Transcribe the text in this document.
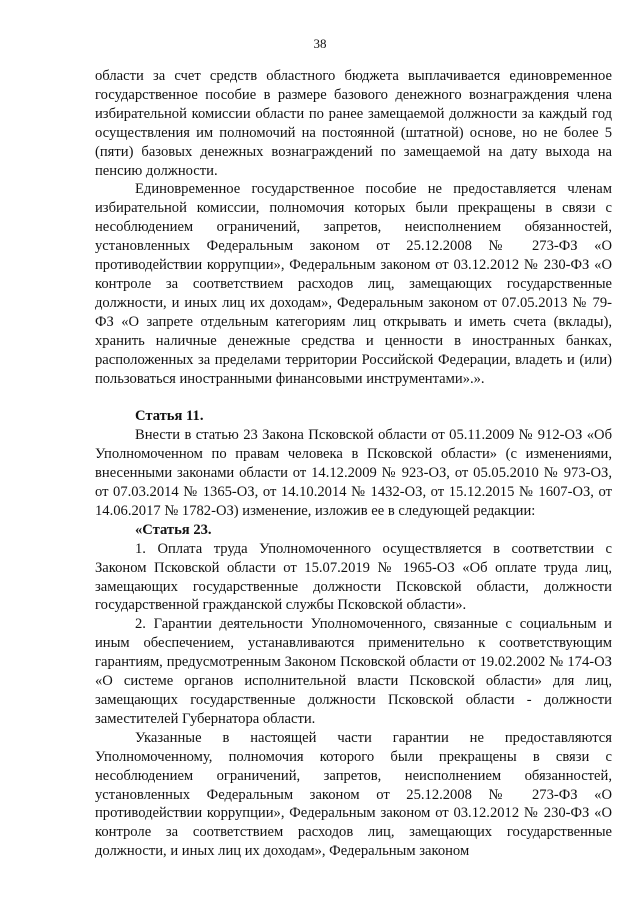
38

области за счет средств областного бюджета выплачивается единовременное государственное пособие в размере базового денежного вознаграждения члена избирательной комиссии области по ранее замещаемой должности за каждый год осуществления им полномочий на постоянной (штатной) основе, но не более 5 (пяти) базовых денежных вознаграждений по замещаемой на дату выхода на пенсию должности.

Единовременное государственное пособие не предоставляется членам избирательной комиссии, полномочия которых были прекращены в связи с несоблюдением ограничений, запретов, неисполнением обязанностей, установленных Федеральным законом от 25.12.2008 № 273-ФЗ «О противодействии коррупции», Федеральным законом от 03.12.2012 № 230-ФЗ «О контроле за соответствием расходов лиц, замещающих государственные должности, и иных лиц их доходам», Федеральным законом от 07.05.2013 № 79-ФЗ «О запрете отдельным категориям лиц открывать и иметь счета (вклады), хранить наличные денежные средства и ценности в иностранных банках, расположенных за пределами территории Российской Федерации, владеть и (или) пользоваться иностранными финансовыми инструментами».».

Статья 11.

Внести в статью 23 Закона Псковской области от 05.11.2009 № 912-ОЗ «Об Уполномоченном по правам человека в Псковской области» (с изменениями, внесенными законами области от 14.12.2009 № 923-ОЗ, от 05.05.2010 № 973-ОЗ, от 07.03.2014 № 1365-ОЗ, от 14.10.2014 № 1432-ОЗ, от 15.12.2015 № 1607-ОЗ, от 14.06.2017 № 1782-ОЗ) изменение, изложив ее в следующей редакции:

«Статья 23.

1. Оплата труда Уполномоченного осуществляется в соответствии с Законом Псковской области от 15.07.2019 № 1965-ОЗ «Об оплате труда лиц, замещающих государственные должности Псковской области, должности государственной гражданской службы Псковской области».

2. Гарантии деятельности Уполномоченного, связанные с социальным и иным обеспечением, устанавливаются применительно к соответствующим гарантиям, предусмотренным Законом Псковской области от 19.02.2002 № 174-ОЗ «О системе органов исполнительной власти Псковской области» для лиц, замещающих государственные должности Псковской области - должности заместителей Губернатора области.

Указанные в настоящей части гарантии не предоставляются Уполномоченному, полномочия которого были прекращены в связи с несоблюдением ограничений, запретов, неисполнением обязанностей, установленных Федеральным законом от 25.12.2008 № 273-ФЗ «О противодействии коррупции», Федеральным законом от 03.12.2012 № 230-ФЗ «О контроле за соответствием расходов лиц, замещающих государственные должности, и иных лиц их доходам», Федеральным законом
